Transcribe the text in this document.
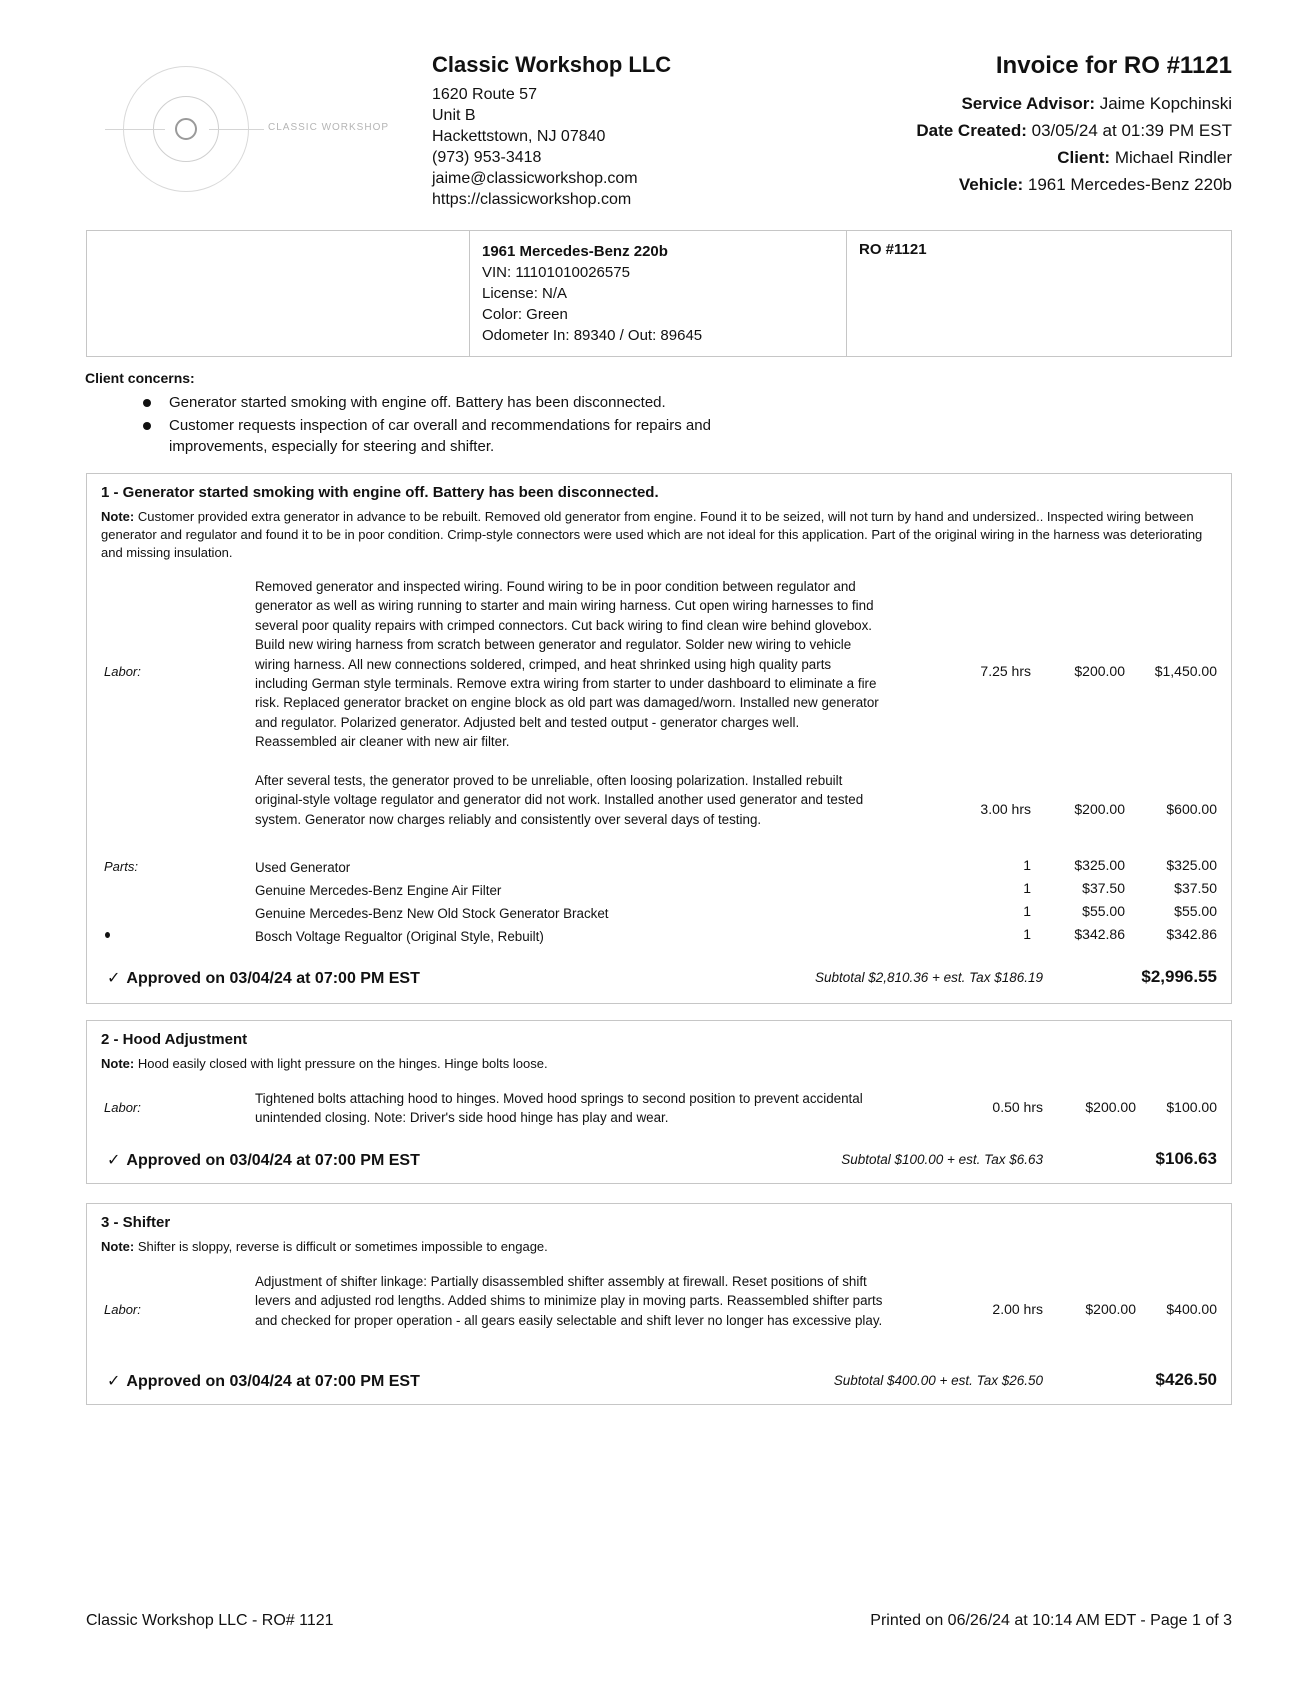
CLASSIC WORKSHOP
Classic Workshop LLC
1620 Route 57
Unit B
Hackettstown, NJ 07840
(973) 953-3418
jaime@classicworkshop.com
https://classicworkshop.com
Invoice for RO #1121
Service Advisor: Jaime Kopchinski
Date Created: 03/05/24 at 01:39 PM EST
Client: Michael Rindler
Vehicle: 1961 Mercedes-Benz 220b
1961 Mercedes-Benz 220b
VIN: 11101010026575
License: N/A
Color: Green
Odometer In: 89340 / Out: 89645
RO #1121
Client concerns:
Generator started smoking with engine off. Battery has been disconnected.
Customer requests inspection of car overall and recommendations for repairs and improvements, especially for steering and shifter.
1 - Generator started smoking with engine off. Battery has been disconnected.
Note: Customer provided extra generator in advance to be rebuilt. Removed old generator from engine. Found it to be seized, will not turn by hand and undersized.. Inspected wiring between generator and regulator and found it to be in poor condition. Crimp-style connectors were used which are not ideal for this application. Part of the original wiring in the harness was deteriorating and missing insulation.
Labor:
Removed generator and inspected wiring. Found wiring to be in poor condition between regulator and generator as well as wiring running to starter and main wiring harness. Cut open wiring harnesses to find several poor quality repairs with crimped connectors. Cut back wiring to find clean wire behind glovebox. Build new wiring harness from scratch between generator and regulator. Solder new wiring to vehicle wiring harness. All new connections soldered, crimped, and heat shrinked using high quality parts including German style terminals. Remove extra wiring from starter to under dashboard to eliminate a fire risk. Replaced generator bracket on engine block as old part was damaged/worn. Installed new generator and regulator. Polarized generator. Adjusted belt and tested output - generator charges well. Reassembled air cleaner with new air filter.
7.25 hrs	$200.00	$1,450.00
After several tests, the generator proved to be unreliable, often loosing polarization. Installed rebuilt original-style voltage regulator and generator did not work. Installed another used generator and tested system. Generator now charges reliably and consistently over several days of testing.
3.00 hrs	$200.00	$600.00
Parts:	Used Generator	1	$325.00	$325.00
Genuine Mercedes-Benz Engine Air Filter	1	$37.50	$37.50
Genuine Mercedes-Benz New Old Stock Generator Bracket	1	$55.00	$55.00
Bosch Voltage Regualtor (Original Style, Rebuilt)	1	$342.86	$342.86
✓ Approved on 03/04/24 at 07:00 PM EST	Subtotal $2,810.36 + est. Tax $186.19	$2,996.55
2 - Hood Adjustment
Note: Hood easily closed with light pressure on the hinges. Hinge bolts loose.
Labor:
Tightened bolts attaching hood to hinges. Moved hood springs to second position to prevent accidental unintended closing. Note: Driver's side hood hinge has play and wear.
0.50 hrs	$200.00	$100.00
✓ Approved on 03/04/24 at 07:00 PM EST	Subtotal $100.00 + est. Tax $6.63	$106.63
3 - Shifter
Note: Shifter is sloppy, reverse is difficult or sometimes impossible to engage.
Labor:
Adjustment of shifter linkage: Partially disassembled shifter assembly at firewall. Reset positions of shift levers and adjusted rod lengths. Added shims to minimize play in moving parts. Reassembled shifter parts and checked for proper operation - all gears easily selectable and shift lever no longer has excessive play.
2.00 hrs	$200.00	$400.00
✓ Approved on 03/04/24 at 07:00 PM EST	Subtotal $400.00 + est. Tax $26.50	$426.50
Classic Workshop LLC - RO# 1121	Printed on 06/26/24 at 10:14 AM EDT - Page 1 of 3
